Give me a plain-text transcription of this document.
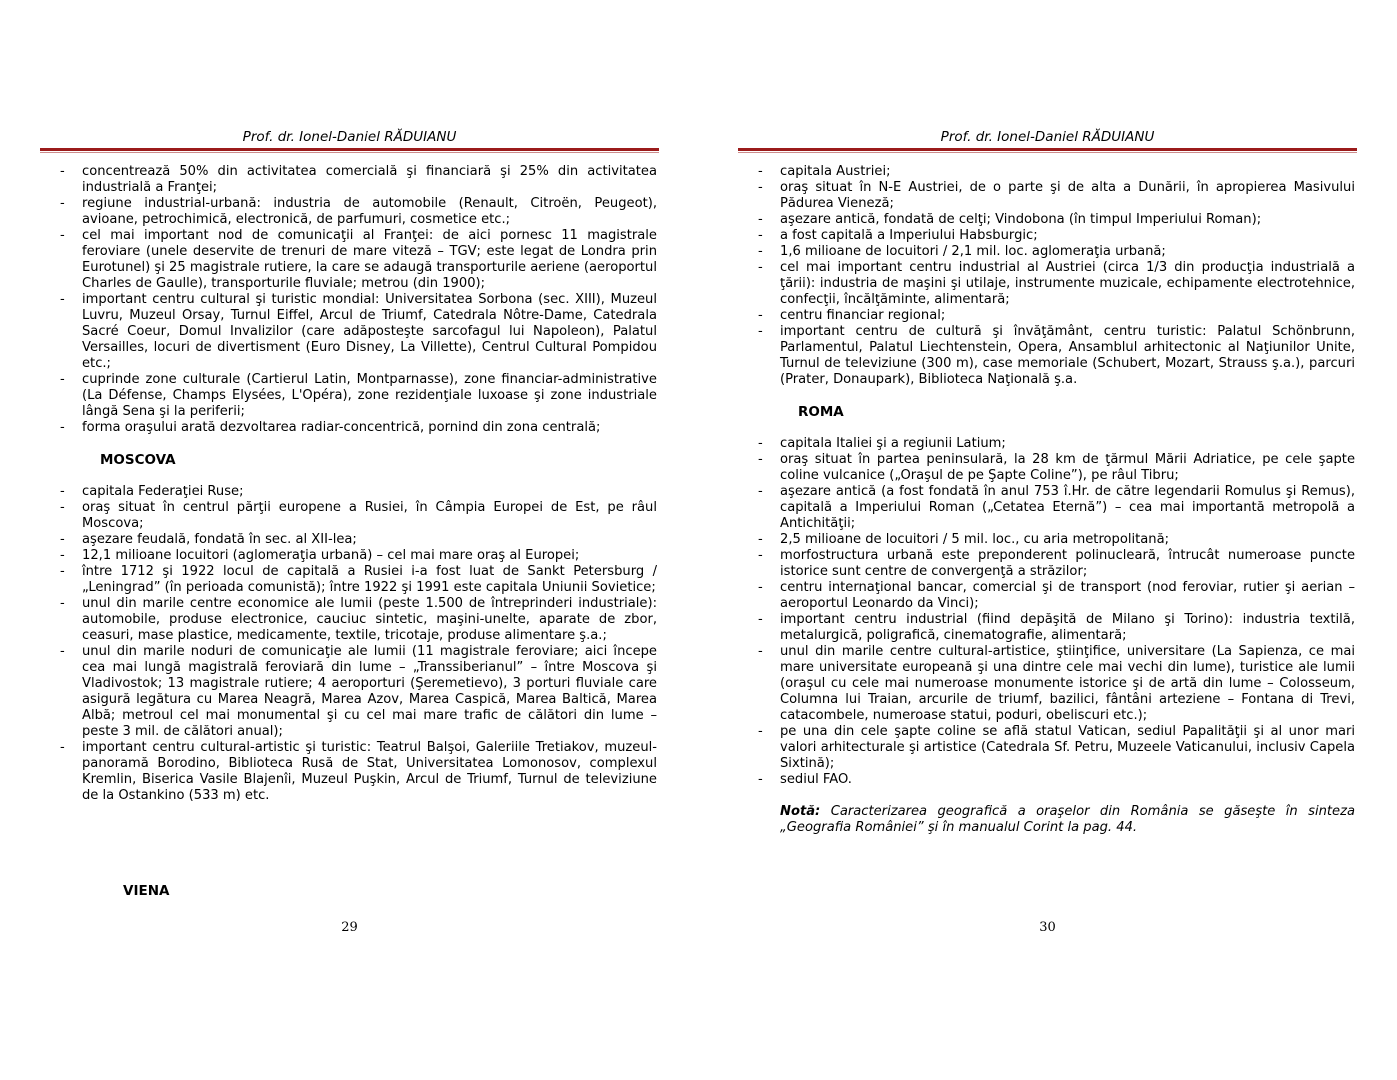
Prof. dr. Ionel-Daniel RĂDUIANU
- concentrează 50% din activitatea comercială şi financiară şi 25% din activitatea industrială a Franţei;
- regiune industrial-urbană: industria de automobile (Renault, Citroën, Peugeot), avioane, petrochimică, electronică, de parfumuri, cosmetice etc.;
- cel mai important nod de comunicaţii al Franţei: de aici pornesc 11 magistrale feroviare (unele deservite de trenuri de mare viteză – TGV; este legat de Londra prin Eurotunel) şi 25 magistrale rutiere, la care se adaugă transporturile aeriene (aeroportul Charles de Gaulle), transporturile fluviale; metrou (din 1900);
- important centru cultural şi turistic mondial: Universitatea Sorbona (sec. XIII), Muzeul Luvru, Muzeul Orsay, Turnul Eiffel, Arcul de Triumf, Catedrala Nôtre-Dame, Catedrala Sacré Coeur, Domul Invalizilor (care adăposteşte sarcofagul lui Napoleon), Palatul Versailles, locuri de divertisment (Euro Disney, La Villette), Centrul Cultural Pompidou etc.;
- cuprinde zone culturale (Cartierul Latin, Montparnasse), zone financiar-administrative (La Défense, Champs Elysées, L'Opéra), zone rezidenţiale luxoase şi zone industriale lângă Sena şi la periferii;
- forma oraşului arată dezvoltarea radiar-concentrică, pornind din zona centrală;
MOSCOVA
- capitala Federaţiei Ruse;
- oraş situat în centrul părţii europene a Rusiei, în Câmpia Europei de Est, pe râul Moscova;
- aşezare feudală, fondată în sec. al XII-lea;
- 12,1 milioane locuitori (aglomeraţia urbană) – cel mai mare oraş al Europei;
- între 1712 şi 1922 locul de capitală a Rusiei i-a fost luat de Sankt Petersburg / „Leningrad” (în perioada comunistă); între 1922 şi 1991 este capitala Uniunii Sovietice;
- unul din marile centre economice ale lumii (peste 1.500 de întreprinderi industriale): automobile, produse electronice, cauciuc sintetic, maşini-unelte, aparate de zbor, ceasuri, mase plastice, medicamente, textile, tricotaje, produse alimentare ş.a.;
- unul din marile noduri de comunicaţie ale lumii (11 magistrale feroviare; aici începe cea mai lungă magistrală feroviară din lume – „Transsiberianul” – între Moscova şi Vladivostok; 13 magistrale rutiere; 4 aeroporturi (Şeremetievo), 3 porturi fluviale care asigură legătura cu Marea Neagră, Marea Azov, Marea Caspică, Marea Baltică, Marea Albă; metroul cel mai monumental şi cu cel mai mare trafic de călători din lume – peste 3 mil. de călători anual);
- important centru cultural-artistic şi turistic: Teatrul Balşoi, Galeriile Tretiakov, muzeul-panoramă Borodino, Biblioteca Rusă de Stat, Universitatea Lomonosov, complexul Kremlin, Biserica Vasile Blajenîi, Muzeul Puşkin, Arcul de Triumf, Turnul de televiziune de la Ostankino (533 m) etc.
VIENA
29
Prof. dr. Ionel-Daniel RĂDUIANU
- capitala Austriei;
- oraş situat în N-E Austriei, de o parte şi de alta a Dunării, în apropierea Masivului Pădurea Vieneză;
- aşezare antică, fondată de celţi; Vindobona (în timpul Imperiului Roman);
- a fost capitală a Imperiului Habsburgic;
- 1,6 milioane de locuitori / 2,1 mil. loc. aglomeraţia urbană;
- cel mai important centru industrial al Austriei (circa 1/3 din producţia industrială a ţării): industria de maşini şi utilaje, instrumente muzicale, echipamente electrotehnice, confecţii, încălţăminte, alimentară;
- centru financiar regional;
- important centru de cultură şi învăţământ, centru turistic: Palatul Schönbrunn, Parlamentul, Palatul Liechtenstein, Opera, Ansamblul arhitectonic al Naţiunilor Unite, Turnul de televiziune (300 m), case memoriale (Schubert, Mozart, Strauss ş.a.), parcuri (Prater, Donaupark), Biblioteca Naţională ş.a.
ROMA
- capitala Italiei şi a regiunii Latium;
- oraş situat în partea peninsulară, la 28 km de ţărmul Mării Adriatice, pe cele şapte coline vulcanice („Oraşul de pe Şapte Coline”), pe râul Tibru;
- aşezare antică (a fost fondată în anul 753 î.Hr. de către legendarii Romulus şi Remus), capitală a Imperiului Roman („Cetatea Eternă”) – cea mai importantă metropolă a Antichităţii;
- 2,5 milioane de locuitori / 5 mil. loc., cu aria metropolitană;
- morfostructura urbană este preponderent polinucleară, întrucât numeroase puncte istorice sunt centre de convergenţă a străzilor;
- centru internaţional bancar, comercial şi de transport (nod feroviar, rutier şi aerian – aeroportul Leonardo da Vinci);
- important centru industrial (fiind depăşită de Milano şi Torino): industria textilă, metalurgică, poligrafică, cinematografie, alimentară;
- unul din marile centre cultural-artistice, ştiinţifice, universitare (La Sapienza, ce mai mare universitate europeană şi una dintre cele mai vechi din lume), turistice ale lumii (oraşul cu cele mai numeroase monumente istorice şi de artă din lume – Colosseum, Columna lui Traian, arcurile de triumf, bazilici, fântâni arteziene – Fontana di Trevi, catacombele, numeroase statui, poduri, obeliscuri etc.);
- pe una din cele şapte coline se află statul Vatican, sediul Papalităţii şi al unor mari valori arhitecturale şi artistice (Catedrala Sf. Petru, Muzeele Vaticanului, inclusiv Capela Sixtină);
- sediul FAO.
Notă: Caracterizarea geografică a oraşelor din România se găseşte în sinteza „Geografia României” şi în manualul Corint la pag. 44.
30
